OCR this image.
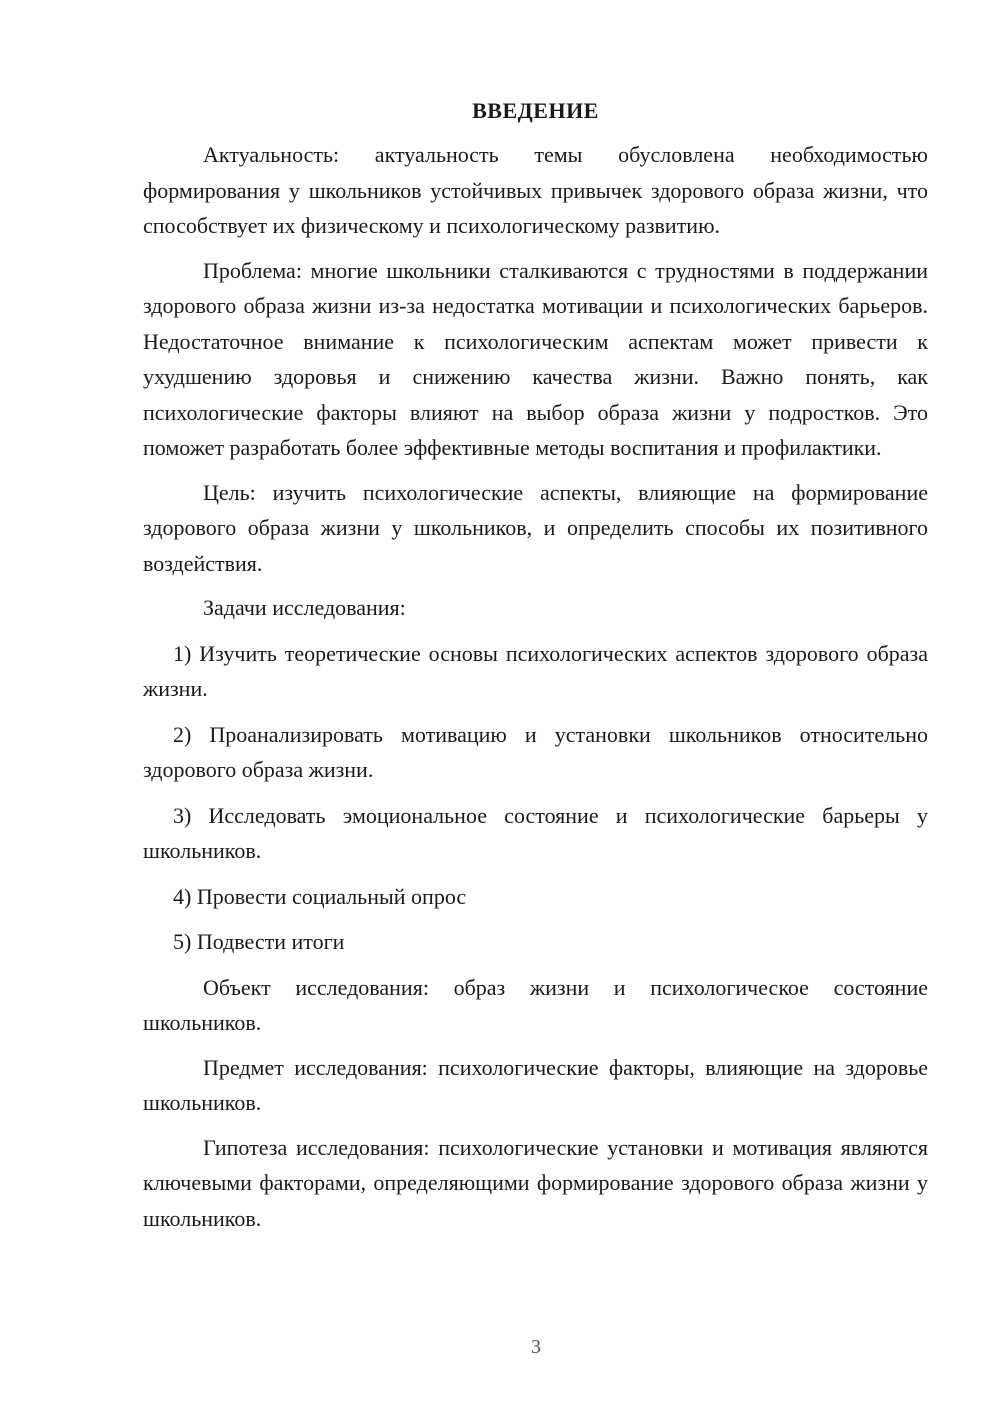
ВВЕДЕНИЕ

Актуальность: актуальность темы обусловлена необходимостью формирования у школьников устойчивых привычек здорового образа жизни, что способствует их физическому и психологическому развитию.

Проблема: многие школьники сталкиваются с трудностями в поддержании здорового образа жизни из-за недостатка мотивации и психологических барьеров. Недостаточное внимание к психологическим аспектам может привести к ухудшению здоровья и снижению качества жизни. Важно понять, как психологические факторы влияют на выбор образа жизни у подростков. Это поможет разработать более эффективные методы воспитания и профилактики.

Цель: изучить психологические аспекты, влияющие на формирование здорового образа жизни у школьников, и определить способы их позитивного воздействия.

Задачи исследования:

1) Изучить теоретические основы психологических аспектов здорового образа жизни.

2) Проанализировать мотивацию и установки школьников относительно здорового образа жизни.

3) Исследовать эмоциональное состояние и психологические барьеры у школьников.

4) Провести социальный опрос

5) Подвести итоги

Объект исследования: образ жизни и психологическое состояние школьников.

Предмет исследования: психологические факторы, влияющие на здоровье школьников.

Гипотеза исследования: психологические установки и мотивация являются ключевыми факторами, определяющими формирование здорового образа жизни у школьников.

3
